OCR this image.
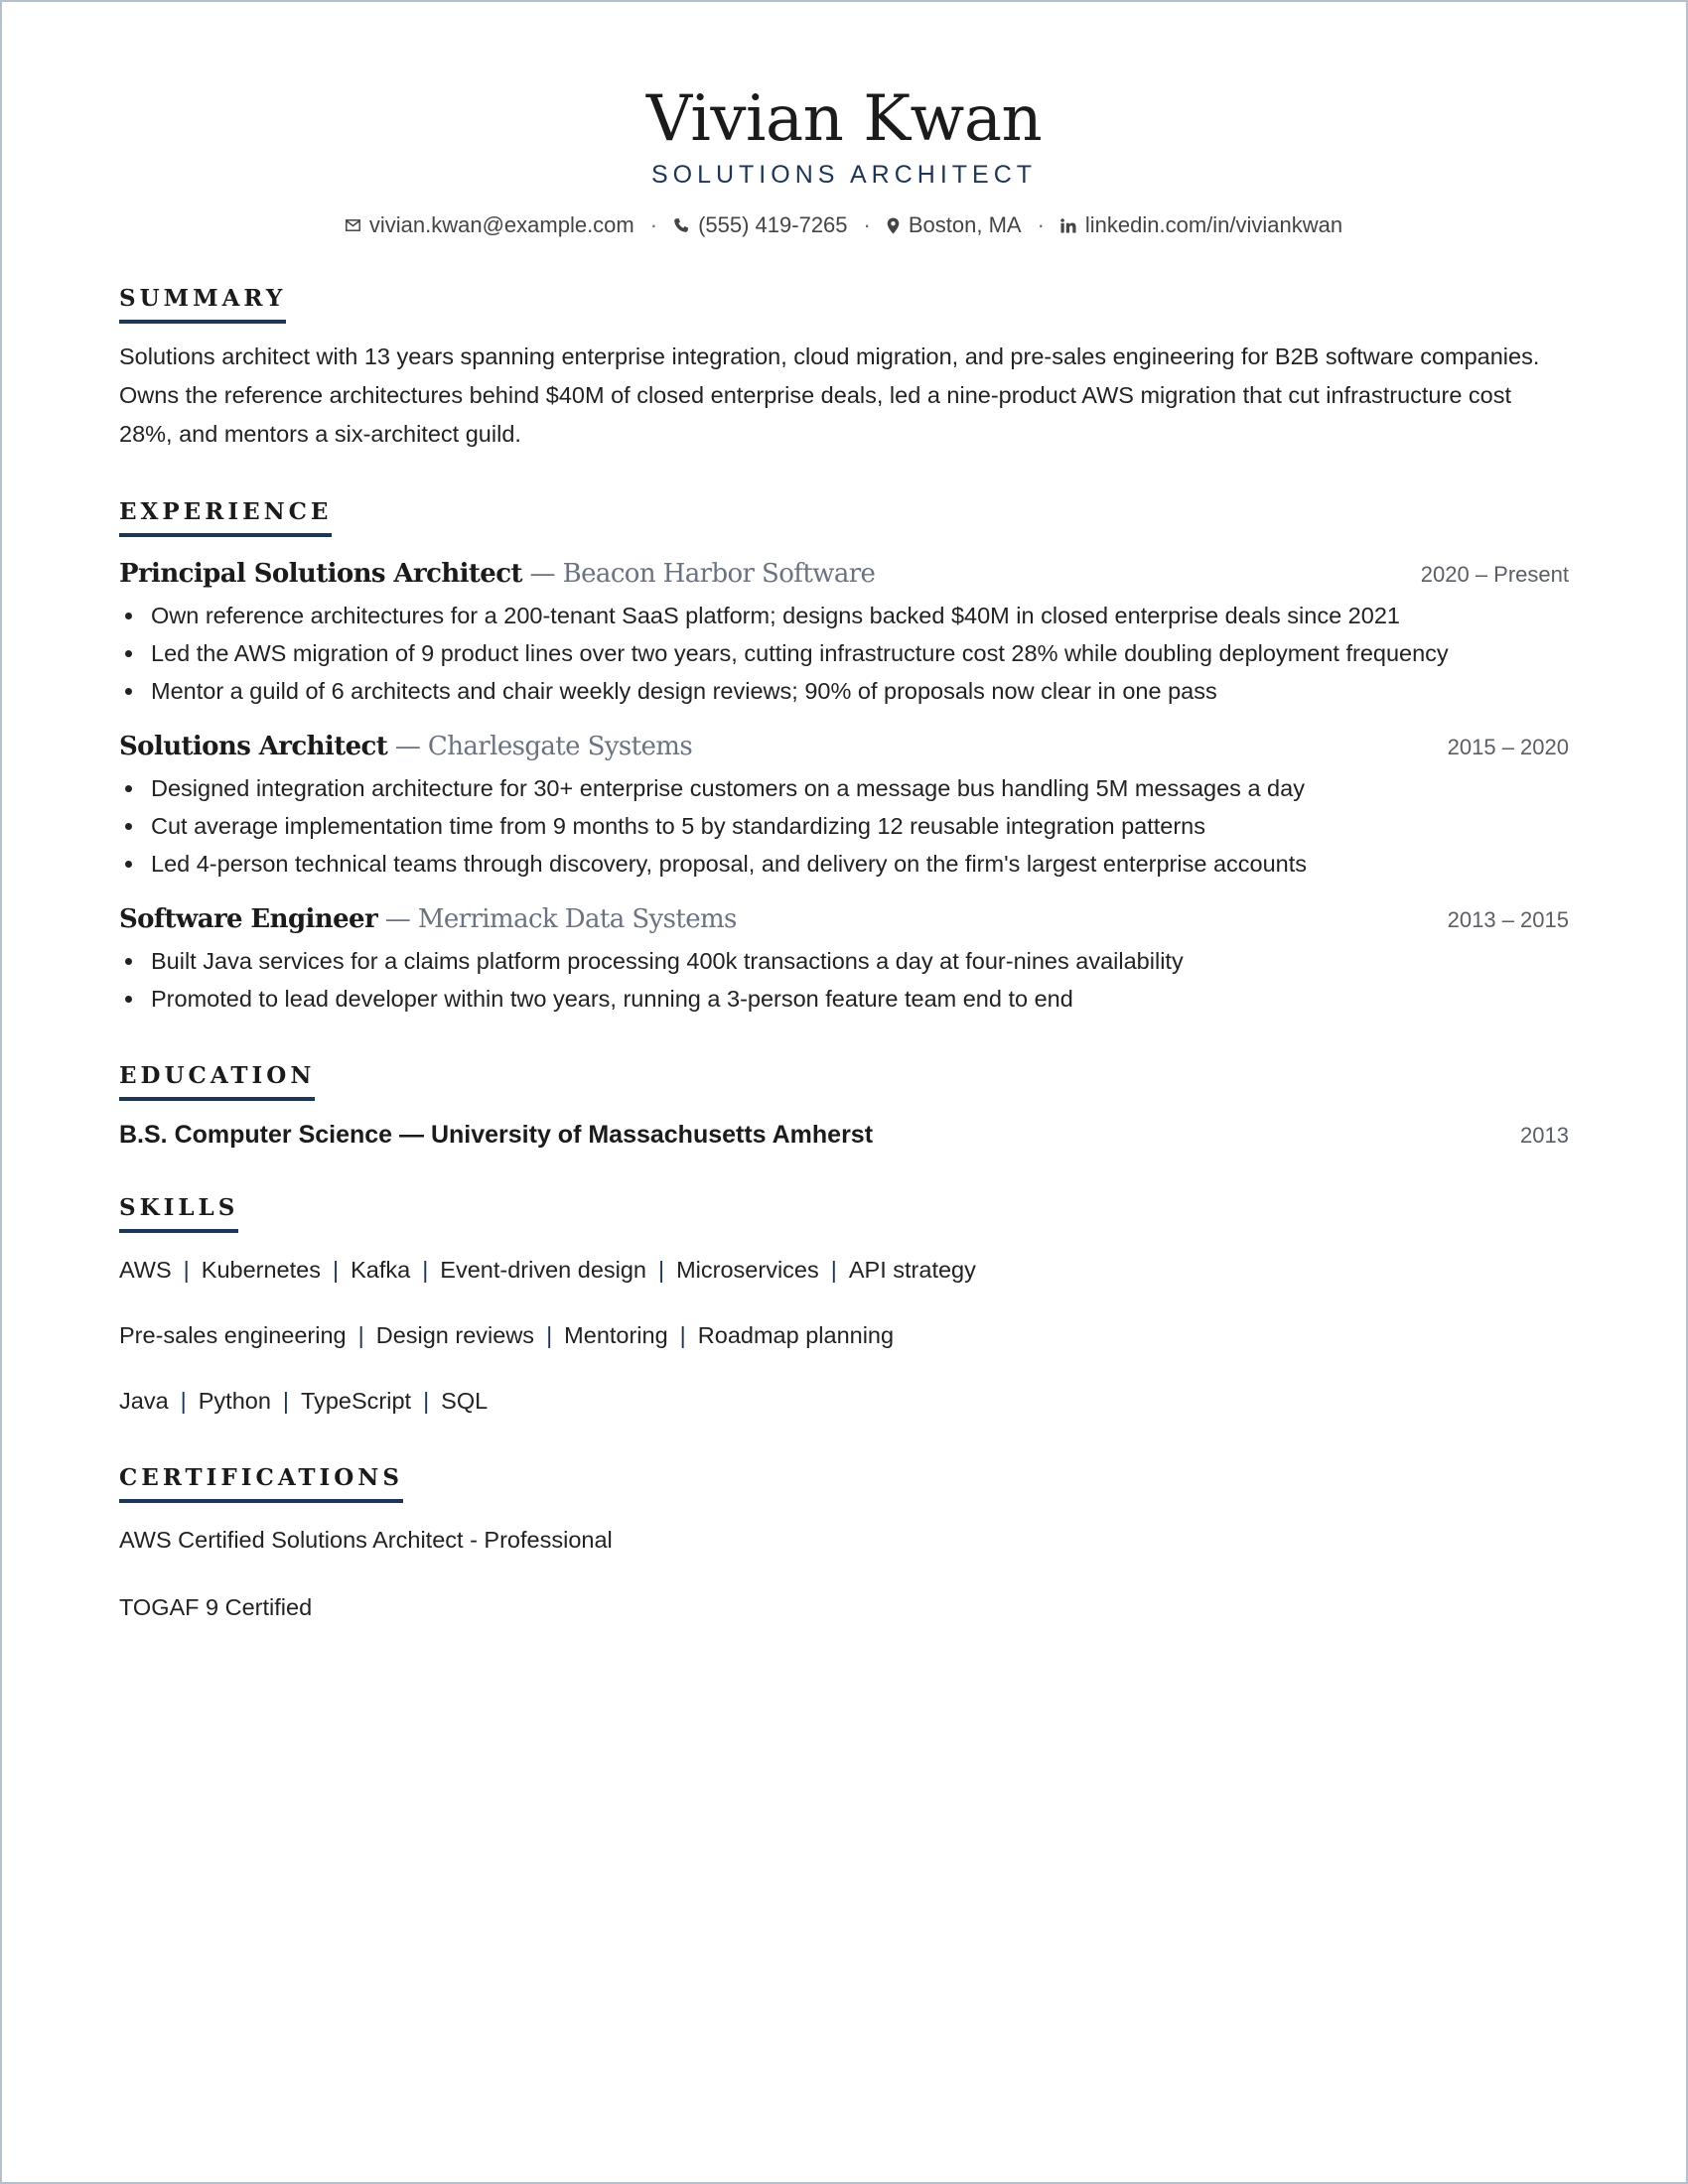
Vivian Kwan
SOLUTIONS ARCHITECT
vivian.kwan@example.com · (555) 419-7265 · Boston, MA · linkedin.com/in/viviankwan
SUMMARY

Solutions architect with 13 years spanning enterprise integration, cloud migration, and pre-sales engineering for B2B software companies. Owns the reference architectures behind $40M of closed enterprise deals, led a nine-product AWS migration that cut infrastructure cost 28%, and mentors a six-architect guild.

EXPERIENCE
Principal Solutions Architect — Beacon Harbor Software	2020 – Present
Own reference architectures for a 200-tenant SaaS platform; designs backed $40M in closed enterprise deals since 2021
Led the AWS migration of 9 product lines over two years, cutting infrastructure cost 28% while doubling deployment frequency
Mentor a guild of 6 architects and chair weekly design reviews; 90% of proposals now clear in one pass
Solutions Architect — Charlesgate Systems	2015 – 2020
Designed integration architecture for 30+ enterprise customers on a message bus handling 5M messages a day
Cut average implementation time from 9 months to 5 by standardizing 12 reusable integration patterns
Led 4-person technical teams through discovery, proposal, and delivery on the firm's largest enterprise accounts
Software Engineer — Merrimack Data Systems	2013 – 2015
Built Java services for a claims platform processing 400k transactions a day at four-nines availability
Promoted to lead developer within two years, running a 3-person feature team end to end
EDUCATION
B.S. Computer Science — University of Massachusetts Amherst	2013
SKILLS
AWS | Kubernetes | Kafka | Event-driven design | Microservices | API strategy
Pre-sales engineering | Design reviews | Mentoring | Roadmap planning
Java | Python | TypeScript | SQL
CERTIFICATIONS
AWS Certified Solutions Architect - Professional
TOGAF 9 Certified
